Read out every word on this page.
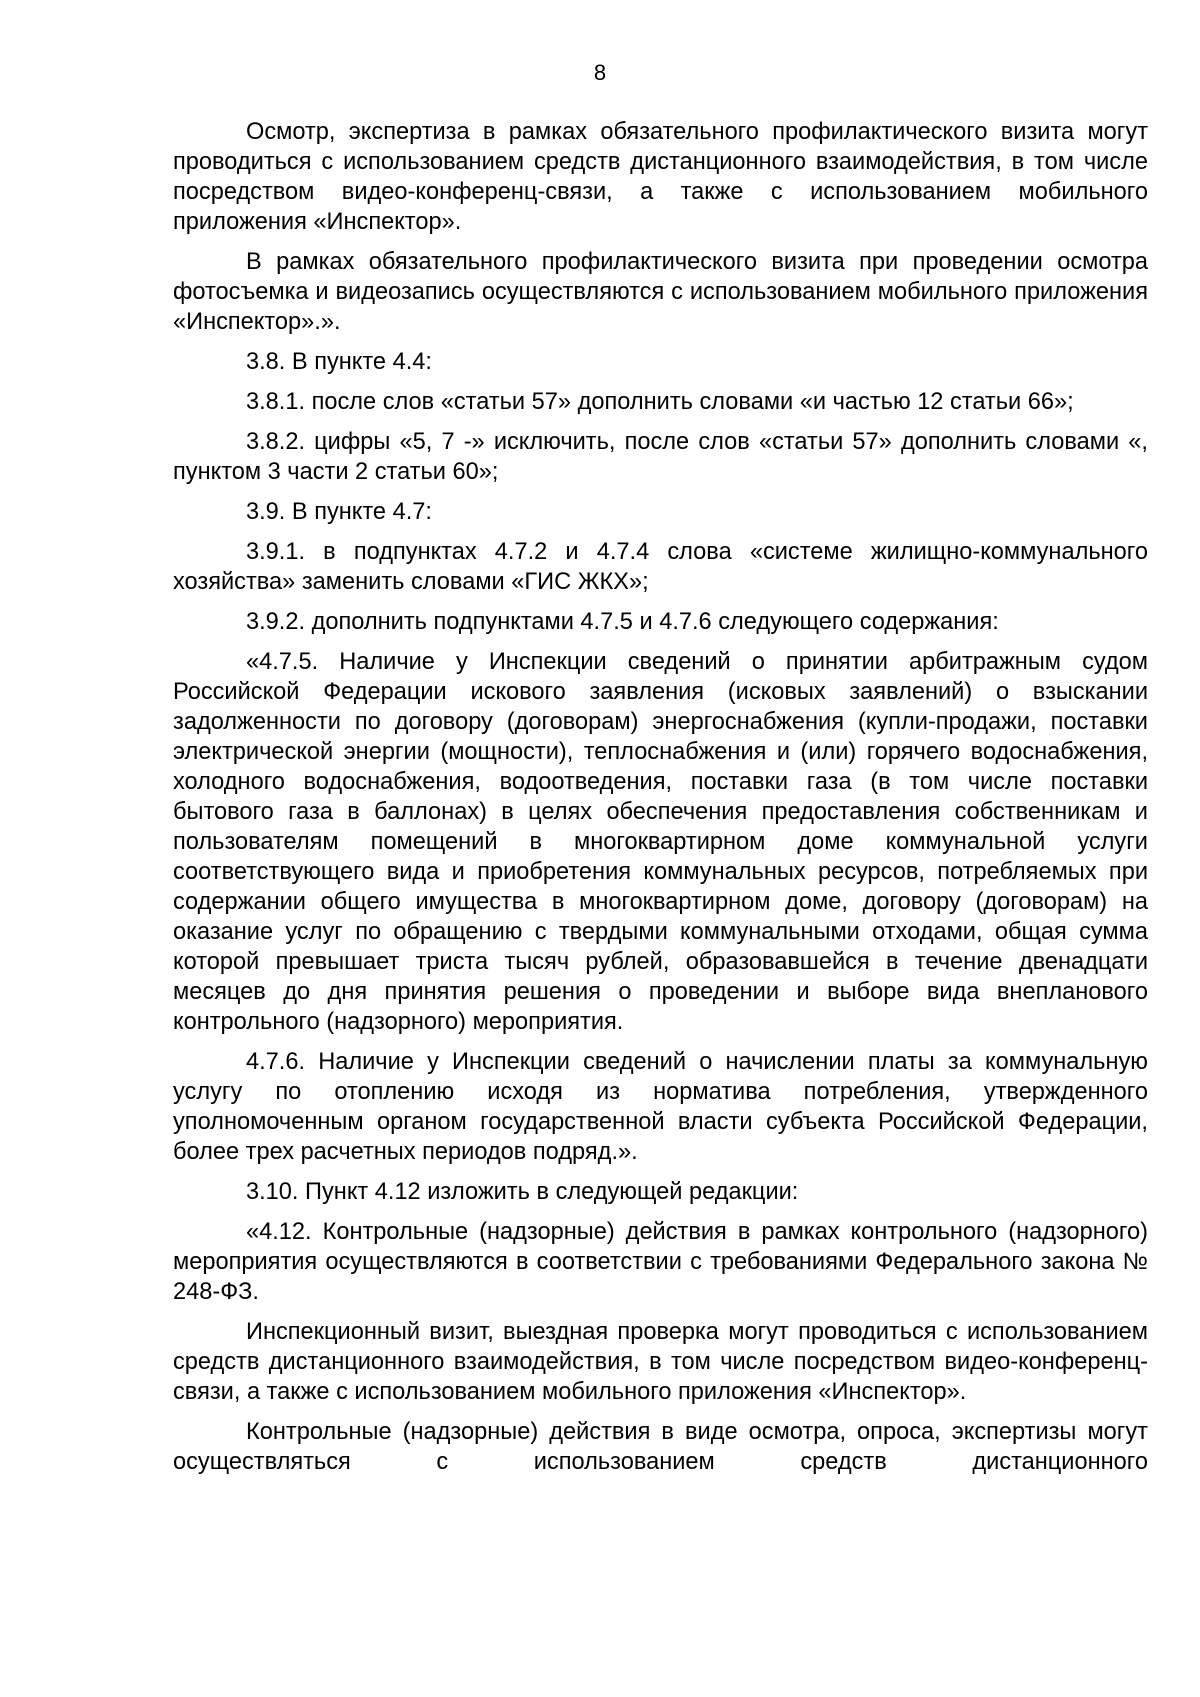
8

Осмотр, экспертиза в рамках обязательного профилактического визита могут проводиться с использованием средств дистанционного взаимодействия, в том числе посредством видео-конференц-связи, а также с использованием мобильного приложения «Инспектор».

В рамках обязательного профилактического визита при проведении осмотра фотосъемка и видеозапись осуществляются с использованием мобильного приложения «Инспектор».».

3.8. В пункте 4.4:

3.8.1. после слов «статьи 57» дополнить словами «и частью 12 статьи 66»;

3.8.2. цифры «5, 7 -» исключить, после слов «статьи 57» дополнить словами «, пунктом 3 части 2 статьи 60»;

3.9. В пункте 4.7:

3.9.1. в подпунктах 4.7.2 и 4.7.4 слова «системе жилищно-коммунального хозяйства» заменить словами «ГИС ЖКХ»;

3.9.2. дополнить подпунктами 4.7.5 и 4.7.6 следующего содержания:

«4.7.5. Наличие у Инспекции сведений о принятии арбитражным судом Российской Федерации искового заявления (исковых заявлений) о взыскании задолженности по договору (договорам) энергоснабжения (купли-продажи, поставки электрической энергии (мощности), теплоснабжения и (или) горячего водоснабжения, холодного водоснабжения, водоотведения, поставки газа (в том числе поставки бытового газа в баллонах) в целях обеспечения предоставления собственникам и пользователям помещений в многоквартирном доме коммунальной услуги соответствующего вида и приобретения коммунальных ресурсов, потребляемых при содержании общего имущества в многоквартирном доме, договору (договорам) на оказание услуг по обращению с твердыми коммунальными отходами, общая сумма которой превышает триста тысяч рублей, образовавшейся в течение двенадцати месяцев до дня принятия решения о проведении и выборе вида внепланового контрольного (надзорного) мероприятия.

4.7.6. Наличие у Инспекции сведений о начислении платы за коммунальную услугу по отоплению исходя из норматива потребления, утвержденного уполномоченным органом государственной власти субъекта Российской Федерации, более трех расчетных периодов подряд.».

3.10. Пункт 4.12 изложить в следующей редакции:

«4.12. Контрольные (надзорные) действия в рамках контрольного (надзорного) мероприятия осуществляются в соответствии с требованиями Федерального закона № 248-ФЗ.

Инспекционный визит, выездная проверка могут проводиться с использованием средств дистанционного взаимодействия, в том числе посредством видео-конференц-связи, а также с использованием мобильного приложения «Инспектор».

Контрольные (надзорные) действия в виде осмотра, опроса, экспертизы могут осуществляться с использованием средств дистанционного
